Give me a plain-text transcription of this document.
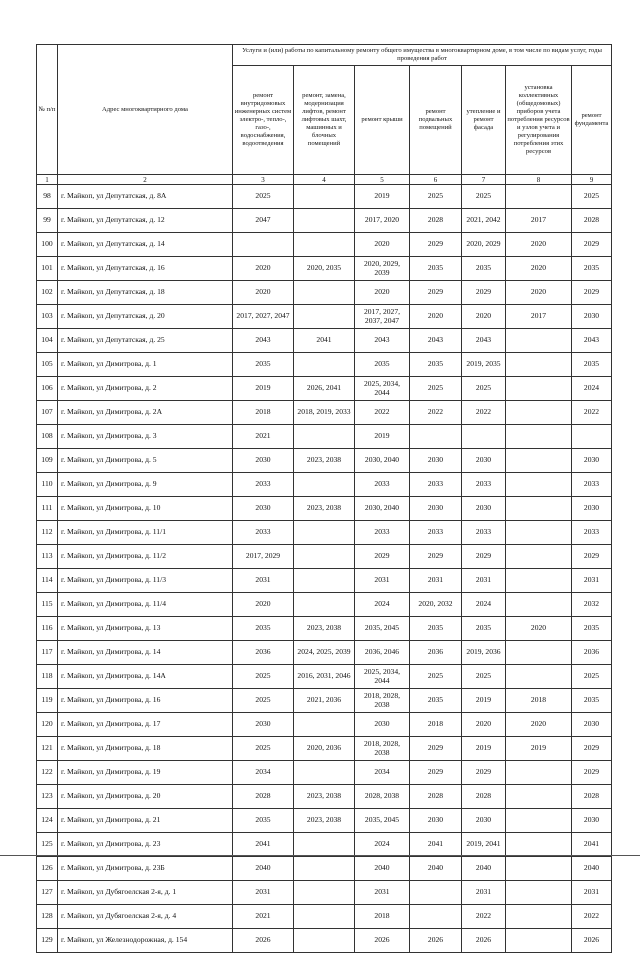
№ п/п	Адрес многоквартирного дома	Услуги и (или) работы по капитальному ремонту общего имущества в многоквартирном доме, в том числе по видам услуг, годы проведения работ						
		ремонт внутридомовых инженерных систем электро-, тепло-, газо-, водоснабжения, водоотведения	ремонт, замена, модернизация лифтов, ремонт лифтовых шахт, машинных и блочных помещений	ремонт крыши	ремонт подвальных помещений	утепление и ремонт фасада	установка коллективных (общедомовых) приборов учета потребления ресурсов и узлов учета и регулирования потребления этих ресурсов	ремонт фундамента
1	2	3	4	5	6	7	8	9
98	г. Майкоп, ул Депутатская, д. 8А	2025		2019	2025	2025		2025
99	г. Майкоп, ул Депутатская, д. 12	2047		2017, 2020	2028	2021, 2042	2017	2028
100	г. Майкоп, ул Депутатская, д. 14			2020	2029	2020, 2029	2020	2029
101	г. Майкоп, ул Депутатская, д. 16	2020	2020, 2035	2020, 2029, 2039	2035	2035	2020	2035
102	г. Майкоп, ул Депутатская, д. 18	2020		2020	2029	2029	2020	2029
103	г. Майкоп, ул Депутатская, д. 20	2017, 2027, 2047		2017, 2027, 2037, 2047	2020	2020	2017	2030
104	г. Майкоп, ул Депутатская, д. 25	2043	2041	2043	2043	2043		2043
105	г. Майкоп, ул Димитрова, д. 1	2035		2035	2035	2019, 2035		2035
106	г. Майкоп, ул Димитрова, д. 2	2019	2026, 2041	2025, 2034, 2044	2025	2025		2024
107	г. Майкоп, ул Димитрова, д. 2А	2018	2018, 2019, 2033	2022	2022	2022		2022
108	г. Майкоп, ул Димитрова, д. 3	2021		2019				
109	г. Майкоп, ул Димитрова, д. 5	2030	2023, 2038	2030, 2040	2030	2030		2030
110	г. Майкоп, ул Димитрова, д. 9	2033		2033	2033	2033		2033
111	г. Майкоп, ул Димитрова, д. 10	2030	2023, 2038	2030, 2040	2030	2030		2030
112	г. Майкоп, ул Димитрова, д. 11/1	2033		2033	2033	2033		2033
113	г. Майкоп, ул Димитрова, д. 11/2	2017, 2029		2029	2029	2029		2029
114	г. Майкоп, ул Димитрова, д. 11/3	2031		2031	2031	2031		2031
115	г. Майкоп, ул Димитрова, д. 11/4	2020		2024	2020, 2032	2024		2032
116	г. Майкоп, ул Димитрова, д. 13	2035	2023, 2038	2035, 2045	2035	2035	2020	2035
117	г. Майкоп, ул Димитрова, д. 14	2036	2024, 2025, 2039	2036, 2046	2036	2019, 2036		2036
118	г. Майкоп, ул Димитрова, д. 14А	2025	2016, 2031, 2046	2025, 2034, 2044	2025	2025		2025
119	г. Майкоп, ул Димитрова, д. 16	2025	2021, 2036	2018, 2028, 2038	2035	2019	2018	2035
120	г. Майкоп, ул Димитрова, д. 17	2030		2030	2018	2020	2020	2030
121	г. Майкоп, ул Димитрова, д. 18	2025	2020, 2036	2018, 2028, 2038	2029	2019	2019	2029
122	г. Майкоп, ул Димитрова, д. 19	2034		2034	2029	2029		2029
123	г. Майкоп, ул Димитрова, д. 20	2028	2023, 2038	2028, 2038	2028	2028		2028
124	г. Майкоп, ул Димитрова, д. 21	2035	2023, 2038	2035, 2045	2030	2030		2030
125	г. Майкоп, ул Димитрова, д. 23	2041		2024	2041	2019, 2041		2041
126	г. Майкоп, ул Димитрова, д. 23Б	2040		2040	2040	2040		2040
127	г. Майкоп, ул Дубягоелская 2-я, д. 1	2031		2031		2031		2031
128	г. Майкоп, ул Дубягоелская 2-я, д. 4	2021		2018		2022		2022
129	г. Майкоп, ул Железнодорожная, д. 154	2026		2026	2026	2026		2026
